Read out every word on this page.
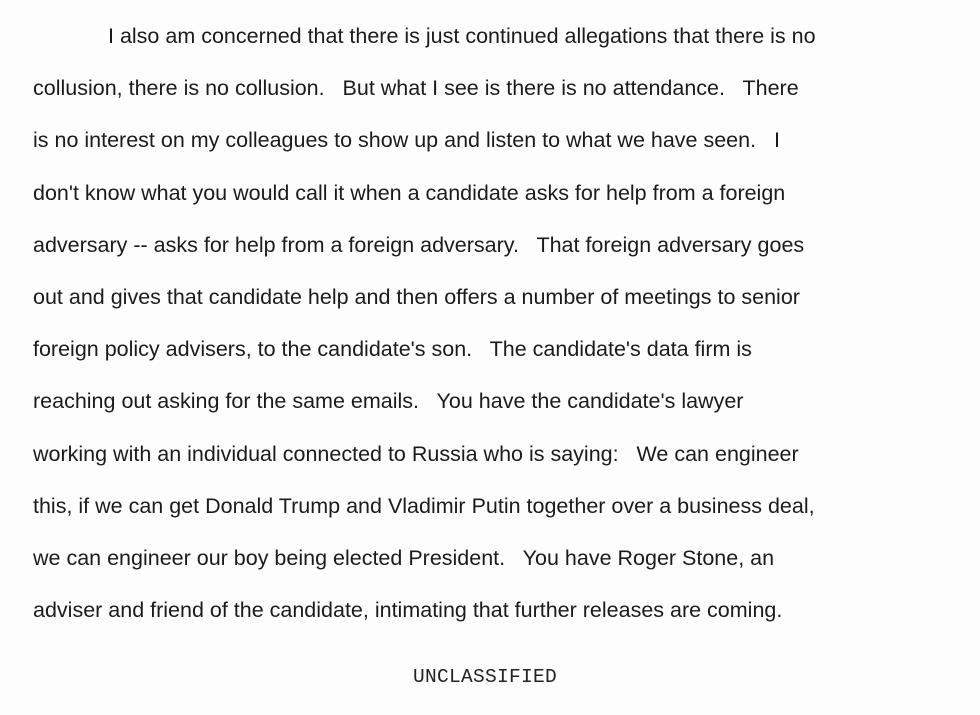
I also am concerned that there is just continued allegations that there is no
collusion, there is no collusion.   But what I see is there is no attendance.   There
is no interest on my colleagues to show up and listen to what we have seen.   I
don't know what you would call it when a candidate asks for help from a foreign
adversary -- asks for help from a foreign adversary.   That foreign adversary goes
out and gives that candidate help and then offers a number of meetings to senior
foreign policy advisers, to the candidate's son.   The candidate's data firm is
reaching out asking for the same emails.   You have the candidate's lawyer
working with an individual connected to Russia who is saying:   We can engineer
this, if we can get Donald Trump and Vladimir Putin together over a business deal,
we can engineer our boy being elected President.   You have Roger Stone, an
adviser and friend of the candidate, intimating that further releases are coming.
UNCLASSIFIED
